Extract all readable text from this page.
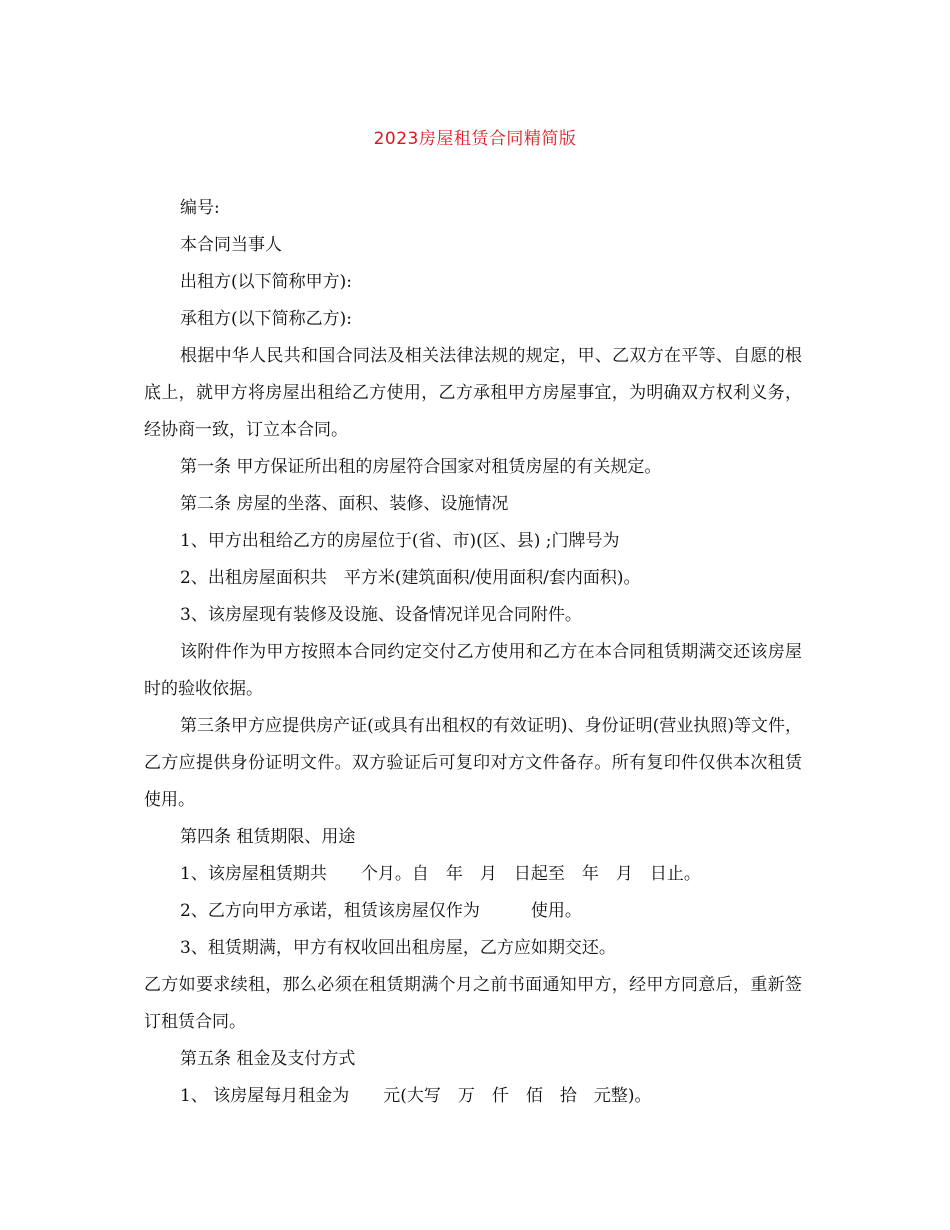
2023房屋租赁合同精简版

编号:

本合同当事人

出租方(以下简称甲方):

承租方(以下简称乙方):

根据中华人民共和国合同法及相关法律法规的规定，甲、乙双方在平等、自愿的根底上，就甲方将房屋出租给乙方使用，乙方承租甲方房屋事宜，为明确双方权利义务，经协商一致，订立本合同。

第一条 甲方保证所出租的房屋符合国家对租赁房屋的有关规定。

第二条 房屋的坐落、面积、装修、设施情况

1、甲方出租给乙方的房屋位于(省、市)(区、县) ;门牌号为

2、出租房屋面积共　平方米(建筑面积/使用面积/套内面积)。

3、该房屋现有装修及设施、设备情况详见合同附件。

该附件作为甲方按照本合同约定交付乙方使用和乙方在本合同租赁期满交还该房屋时的验收依据。

第三条甲方应提供房产证(或具有出租权的有效证明)、身份证明(营业执照)等文件，乙方应提供身份证明文件。双方验证后可复印对方文件备存。所有复印件仅供本次租赁使用。

第四条 租赁期限、用途

1、该房屋租赁期共　　个月。自　年　月　日起至　年　月　日止。

2、乙方向甲方承诺，租赁该房屋仅作为　　　使用。

3、租赁期满，甲方有权收回出租房屋，乙方应如期交还。

乙方如要求续租，那么必须在租赁期满个月之前书面通知甲方，经甲方同意后，重新签订租赁合同。

第五条 租金及支付方式

1、 该房屋每月租金为　　元(大写　万　仟　佰　拾　元整)。
